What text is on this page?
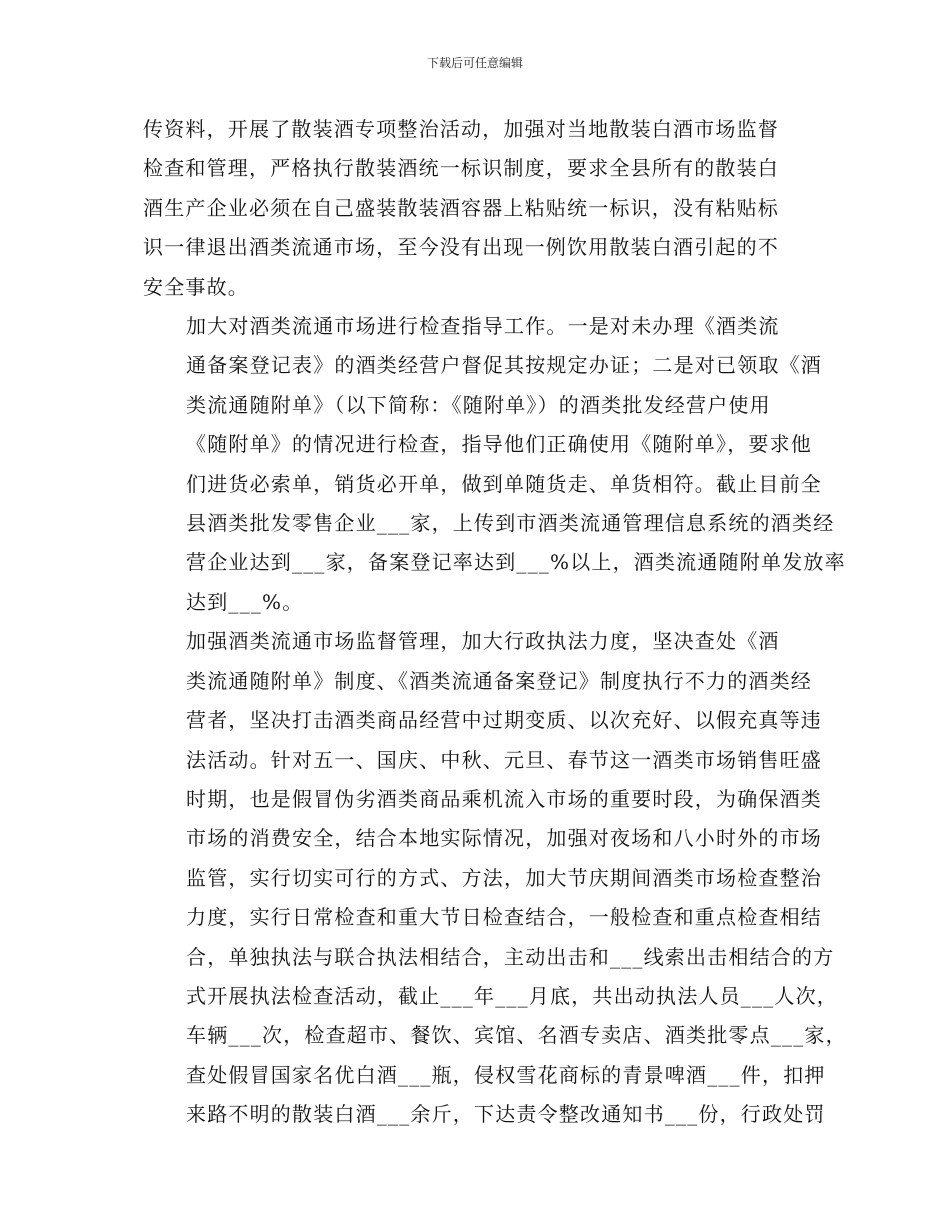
下载后可任意编辑

传资料，开展了散装酒专项整治活动，加强对当地散装白酒市场监督
检查和管理，严格执行散装酒统一标识制度，要求全县所有的散装白
酒生产企业必须在自己盛装散装酒容器上粘贴统一标识，没有粘贴标
识一律退出酒类流通市场，至今没有出现一例饮用散装白酒引起的不
安全事故。

加大对酒类流通市场进行检查指导工作。一是对未办理《酒类流
通备案登记表》的酒类经营户督促其按规定办证；二是对已领取《酒
类流通随附单》（以下简称：《随附单》）的酒类批发经营户使用
《随附单》的情况进行检查，指导他们正确使用《随附单》，要求他
们进货必索单，销货必开单，做到单随货走、单货相符。截止目前全
县酒类批发零售企业___家，上传到市酒类流通管理信息系统的酒类经
营企业达到___家，备案登记率达到___%以上，酒类流通随附单发放率
达到___%。

加强酒类流通市场监督管理，加大行政执法力度，坚决查处《酒
类流通随附单》制度、《酒类流通备案登记》制度执行不力的酒类经
营者，坚决打击酒类商品经营中过期变质、以次充好、以假充真等违
法活动。针对五一、国庆、中秋、元旦、春节这一酒类市场销售旺盛
时期，也是假冒伪劣酒类商品乘机流入市场的重要时段，为确保酒类
市场的消费安全，结合本地实际情况，加强对夜场和八小时外的市场
监管，实行切实可行的方式、方法，加大节庆期间酒类市场检查整治
力度，实行日常检查和重大节日检查结合，一般检查和重点检查相结
合，单独执法与联合执法相结合，主动出击和___线索出击相结合的方
式开展执法检查活动，截止___年___月底，共出动执法人员___人次，
车辆___次，检查超市、餐饮、宾馆、名酒专卖店、酒类批零点___家，
查处假冒国家名优白酒___瓶，侵权雪花商标的青景啤酒___件，扣押
来路不明的散装白酒___余斤，下达责令整改通知书___份，行政处罚
